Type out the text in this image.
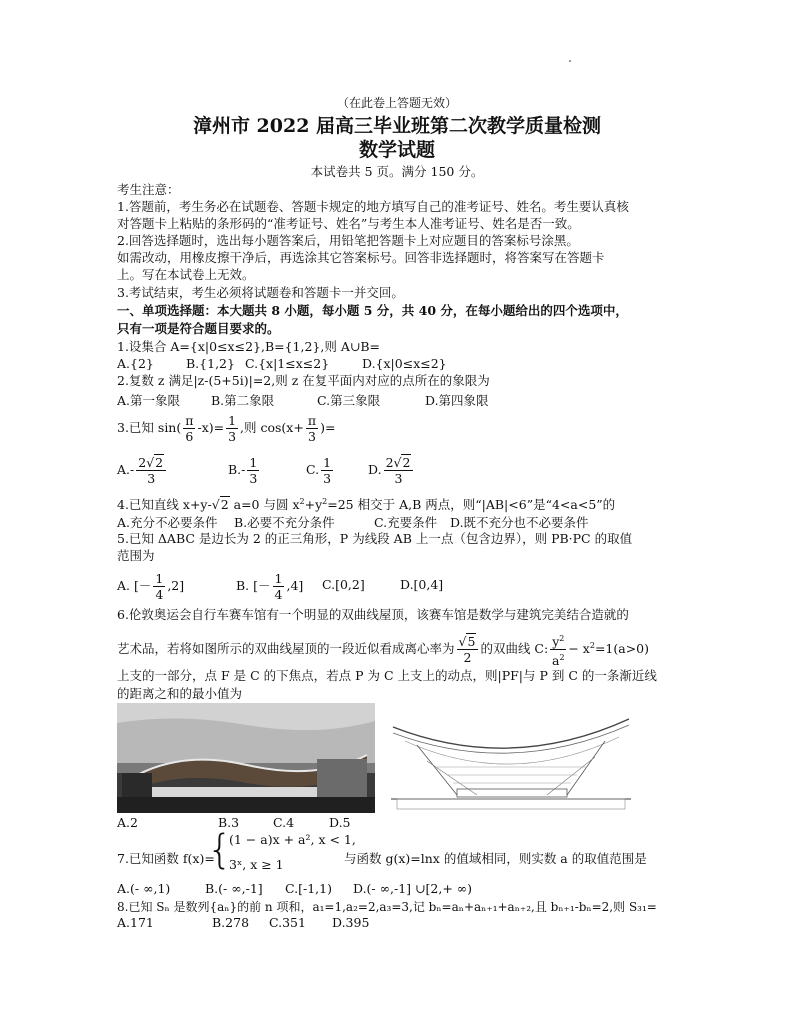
（在此卷上答题无效）
漳州市 2022 届高三毕业班第二次教学质量检测
数学试题
本试卷共 5 页。满分 150 分。
考生注意：
1.答题前，考生务必在试题卷、答题卡规定的地方填写自己的准考证号、姓名。考生要认真核
对答题卡上粘贴的条形码的“准考证号、姓名”与考生本人准考证号、姓名是否一致。
2.回答选择题时，选出每小题答案后，用铅笔把答题卡上对应题目的答案标号涂黑。
如需改动，用橡皮擦干净后，再选涂其它答案标号。回答非选择题时，将答案写在答题卡
上。写在本试卷上无效。
3.考试结束，考生必须将试题卷和答题卡一并交回。
一、单项选择题：本大题共 8 小题，每小题 5 分，共 40 分，在每小题给出的四个选项中，
只有一项是符合题目要求的。
1.设集合 A={x|0≤x≤2},B={1,2},则 A∪B=
A.{2}	B.{1,2} C.{x|1≤x≤2}	D.{x|0≤x≤2}
2.复数 z 满足|z-(5+5i)|=2,则 z 在复平面内对应的点所在的象限为
A.第一象限 B.第二象限	C.第三象限	D.第四象限
3.已知 $\sin( \frac{\pi}{6} -x)= \frac{1}{3}$ ,则 $\cos(x+ \frac{\pi}{3}$ )=
$A.- \frac{2√2}{3}$	$B.- \frac{1}{3}$	C. $\frac{1}{3}$	D. $\frac{2√2}{3}$
4.已知直线 x+y-√2 a=0 与圆 $x^2+y^2=25$ 相交于 A,B 两点，则“|AB|<6”是“4<a<5”的
A.充分不必要条件 B.必要不充分条件	C.充要条件 D.既不充分也不必要条件
5.已知 ΔABC 是边长为 2 的正三角形，P 为线段 AB 上一点（包含边界），则 PB·PC 的取值
范围为
A. [－ $\frac{1}{4} ,2$]	B. [－ $\frac{1}{4} ,4$] C.[0,2]	D.[0,4]
6.伦敦奥运会自行车赛车馆有一个明显的双曲线屋顶，该赛车馆是数学与建筑完美结合造就的
艺术品，若将如图所示的双曲线屋顶的一段近似看成离心率为 $\frac{√5}{2}$ 的双曲线 C: $\frac{y^2}{a^2} - x^2=1(a>0)$
上支的一部分，点 F 是 C 的下焦点，若点 P 为 C 上支上的动点，则|PF|与 P 到 C 的一条渐近线
的距离之和的最小值为
A.2	B.3	C.4	D.5
7.已知函数 f(x)=
{
(1 − a)x + a², x < 1,
3ˣ, x ≥ 1	与函数 g(x)=lnx 的值域相同，则实数 a 的取值范围是
A.(- ∞,1)	B.(- ∞,-1] C.[-1,1) D.(- ∞,-1] ∪[2,+ ∞)
8.已知 Sₙ 是数列{aₙ}的前 n 项和，a₁=1,a₂=2,a₃=3,记 bₙ=aₙ+aₙ₊₁+aₙ₊₂,且 bₙ₊₁-bₙ=2,则 S₃₁=
A.171	B.278 C.351 D.395
